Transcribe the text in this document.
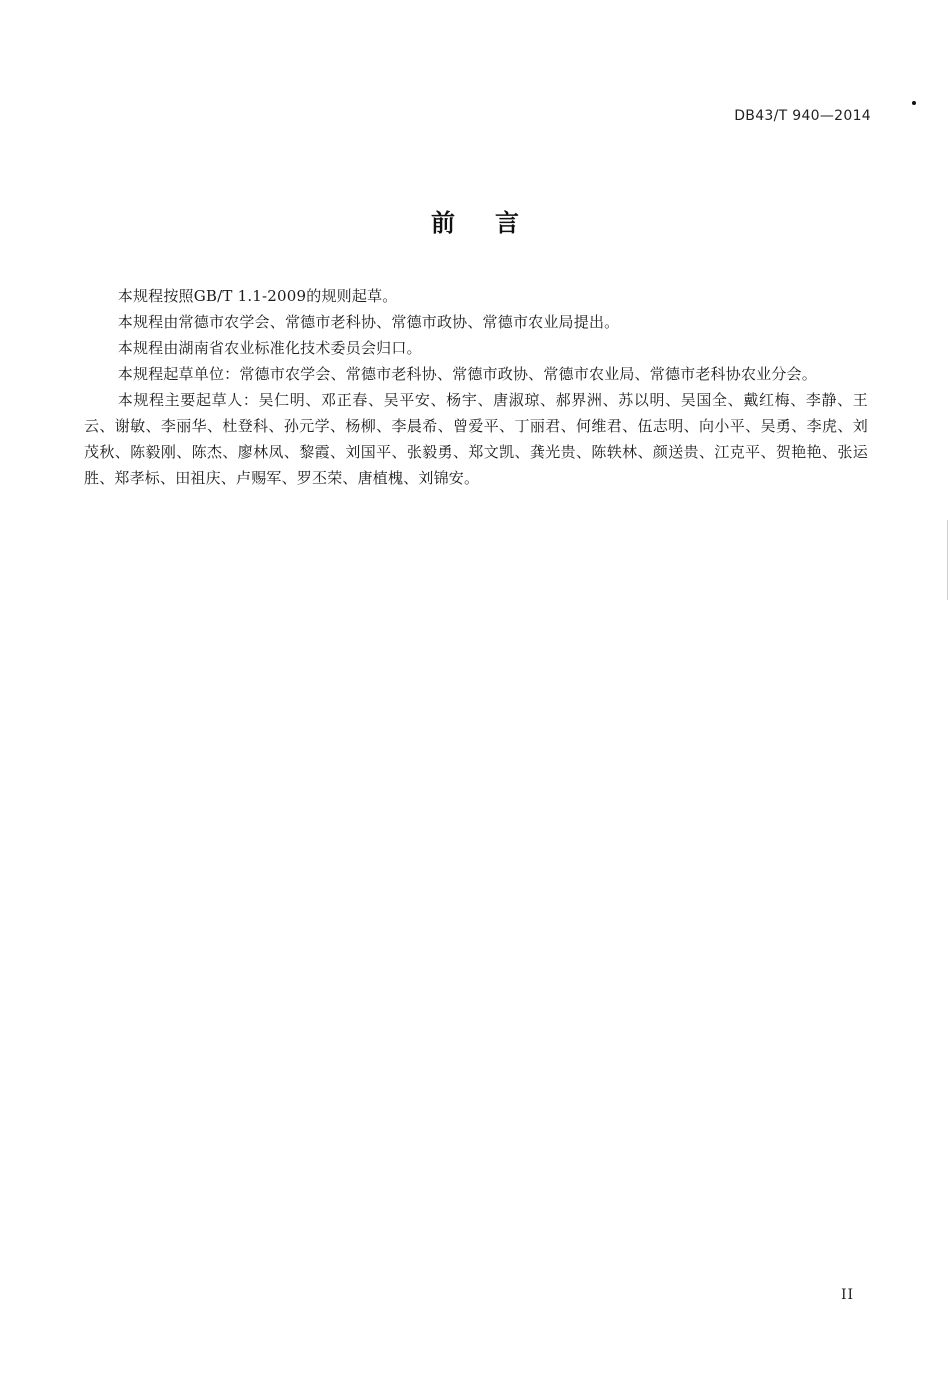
DB43/T 940—2014
前言

本规程按照GB/T 1.1-2009的规则起草。

本规程由常德市农学会、常德市老科协、常德市政协、常德市农业局提出。

本规程由湖南省农业标准化技术委员会归口。

本规程起草单位：常德市农学会、常德市老科协、常德市政协、常德市农业局、常德市老科协农业分会。

本规程主要起草人：吴仁明、邓正春、吴平安、杨宇、唐淑琼、郝界洲、苏以明、吴国全、戴红梅、李静、王云、谢敏、李丽华、杜登科、孙元学、杨柳、李晨希、曾爱平、丁丽君、何维君、伍志明、向小平、吴勇、李虎、刘茂秋、陈毅刚、陈杰、廖林凤、黎霞、刘国平、张毅勇、郑文凯、龚光贵、陈轶林、颜送贵、江克平、贺艳艳、张运胜、郑孝标、田祖庆、卢赐军、罗丕荣、唐植槐、刘锦安。

II
